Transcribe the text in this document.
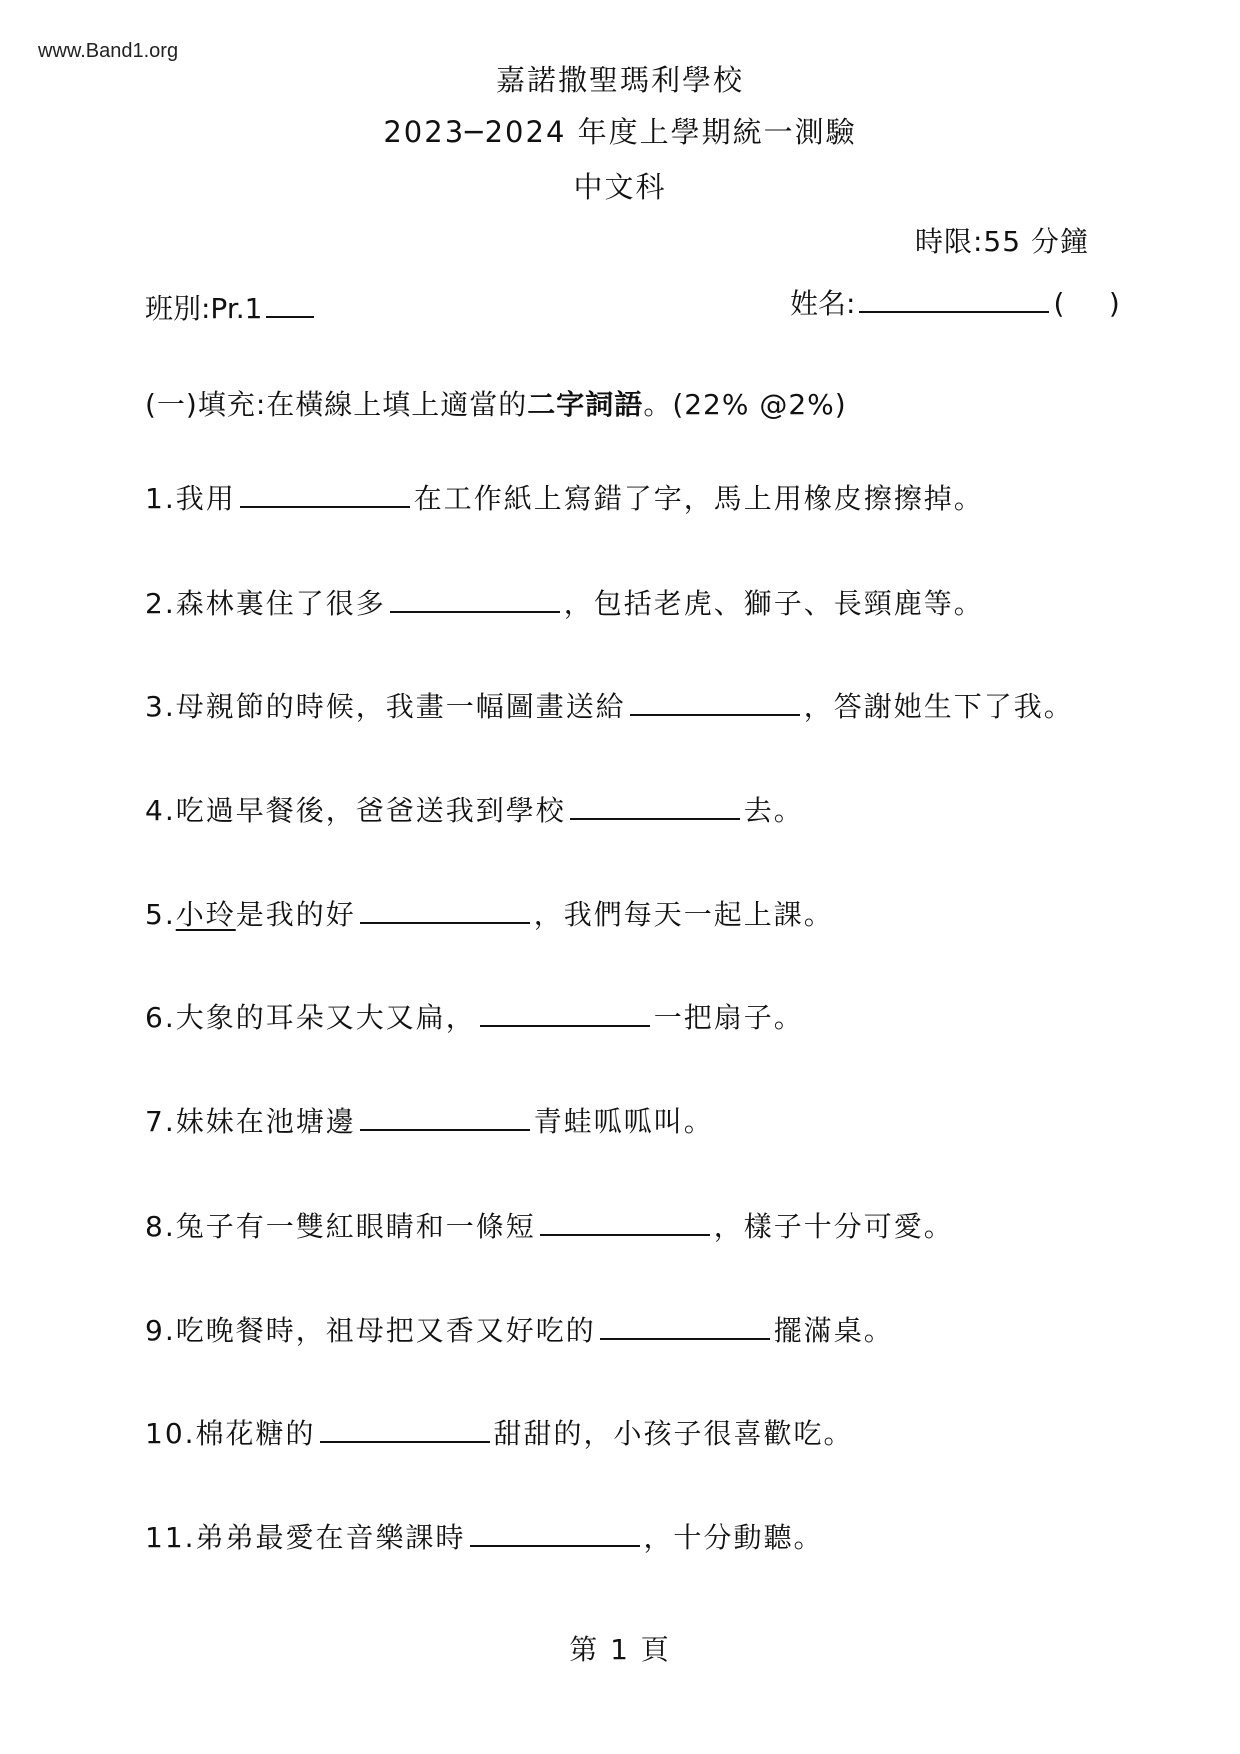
www.Band1.org
嘉諾撒聖瑪利學校
2023─2024 年度上學期統一測驗
中文科
時限:55 分鐘
班別:Pr.1	姓名:	(     )
(一)填充:在橫線上填上適當的二字詞語。(22% @2%)
1.我用	在工作紙上寫錯了字，馬上用橡皮擦擦掉。
2.森林裏住了很多	，包括老虎、獅子、長頸鹿等。
3.母親節的時候，我畫一幅圖畫送給	，答謝她生下了我。
4.吃過早餐後，爸爸送我到學校	去。
5.小玲是我的好	，我們每天一起上課。
6.大象的耳朵又大又扁，	一把扇子。
7.妹妹在池塘邊	青蛙呱呱叫。
8.兔子有一雙紅眼睛和一條短	，樣子十分可愛。
9.吃晚餐時，祖母把又香又好吃的	擺滿桌。
10.棉花糖的	甜甜的，小孩子很喜歡吃。
11.弟弟最愛在音樂課時	，十分動聽。
第 1 頁
